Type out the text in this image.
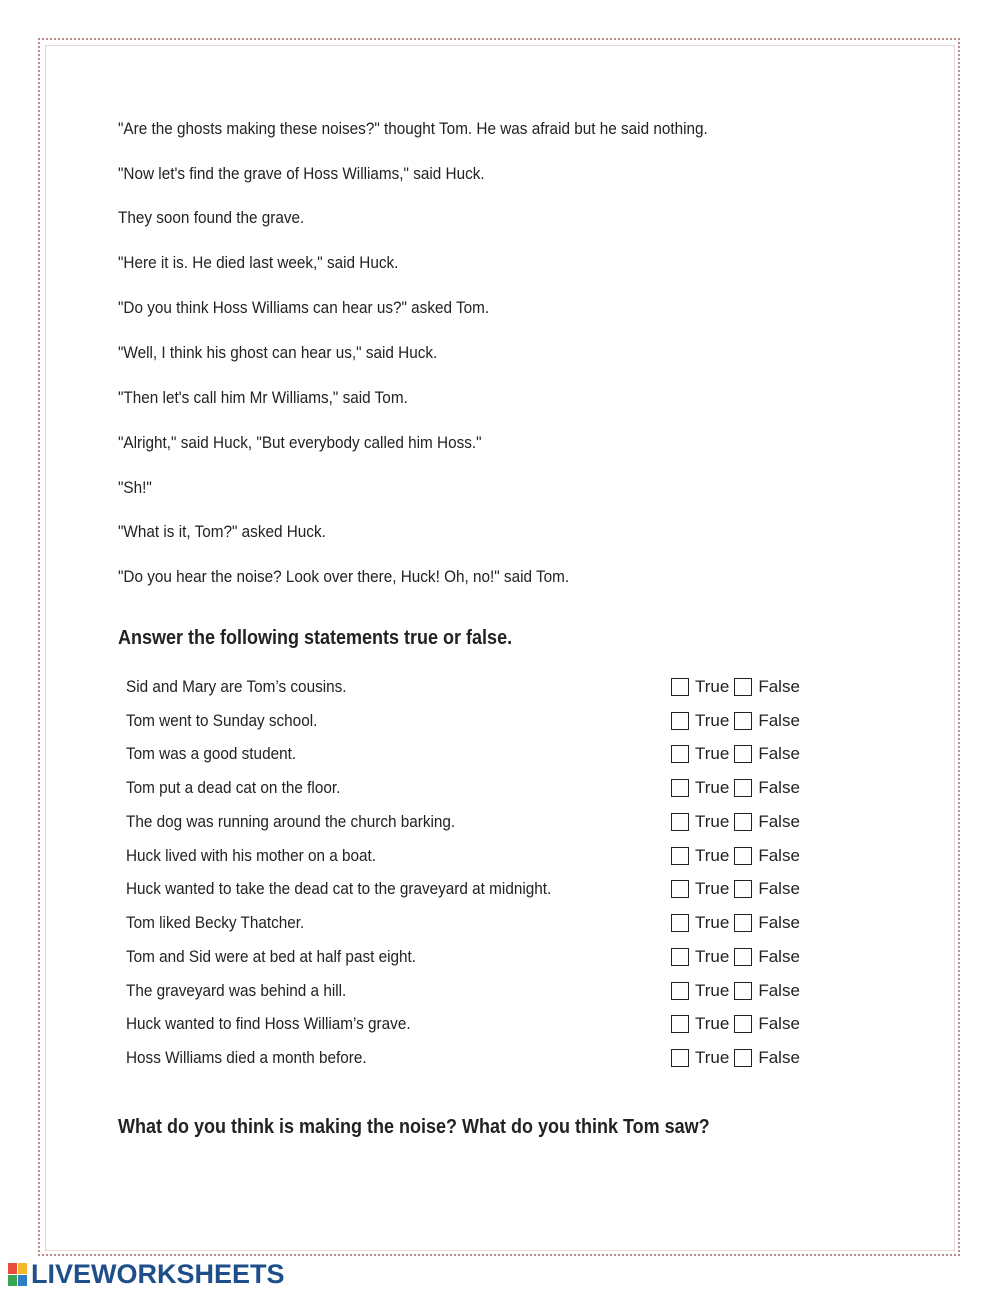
"Are the ghosts making these noises?" thought Tom. He was afraid but he said nothing.
"Now let's find the grave of Hoss Williams," said Huck.
They soon found the grave.
"Here it is. He died last week," said Huck.
"Do you think Hoss Williams can hear us?" asked Tom.
"Well, I think his ghost can hear us," said Huck.
"Then let's call him Mr Williams," said Tom.
"Alright," said Huck, "But everybody called him Hoss."
"Sh!"
"What is it, Tom?" asked Huck.
"Do you hear the noise? Look over there, Huck! Oh, no!" said Tom.
Answer the following statements true or false.
Sid and Mary are Tom’s cousins.
Tom went to Sunday school.
Tom was a good student.
Tom put a dead cat on the floor.
The dog was running around the church barking.
Huck lived with his mother on a boat.
Huck wanted to take the dead cat to the graveyard at midnight.
Tom liked Becky Thatcher.
Tom and Sid were at bed at half past eight.
The graveyard was behind a hill.
Huck wanted to find Hoss William’s grave.
Hoss Williams died a month before.
True False
True False
True False
True False
True False
True False
True False
True False
True False
True False
True False
True False
What do you think is making the noise? What do you think Tom saw?
LIVEWORKSHEETS
